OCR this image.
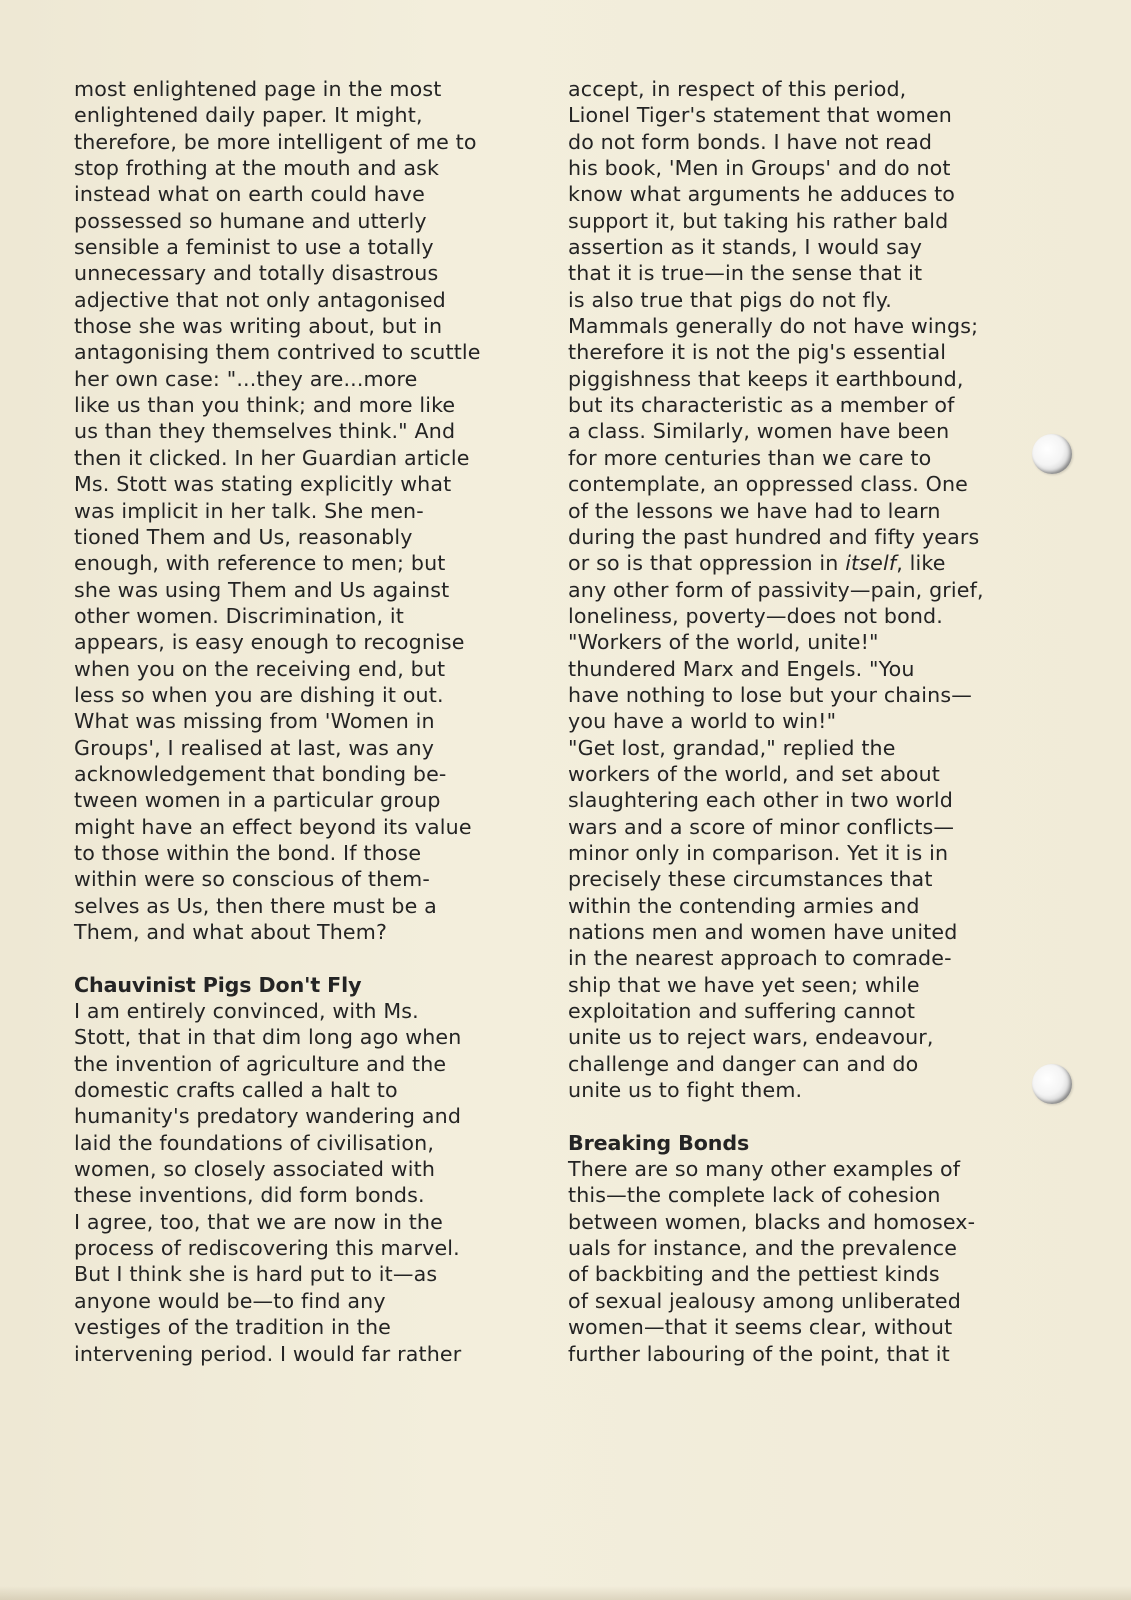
most enlightened page in the most
enlightened daily paper. It might,
therefore, be more intelligent of me to
stop frothing at the mouth and ask
instead what on earth could have
possessed so humane and utterly
sensible a feminist to use a totally
unnecessary and totally disastrous
adjective that not only antagonised
those she was writing about, but in
antagonising them contrived to scuttle
her own case: "...they are...more
like us than you think; and more like
us than they themselves think." And
then it clicked. In her Guardian article
Ms. Stott was stating explicitly what
was implicit in her talk. She men-
tioned Them and Us, reasonably
enough, with reference to men; but
she was using Them and Us against
other women. Discrimination, it
appears, is easy enough to recognise
when you on the receiving end, but
less so when you are dishing it out.
What was missing from 'Women in
Groups', I realised at last, was any
acknowledgement that bonding be-
tween women in a particular group
might have an effect beyond its value
to those within the bond. If those
within were so conscious of them-
selves as Us, then there must be a
Them, and what about Them?
Chauvinist Pigs Don't Fly
I am entirely convinced, with Ms.
Stott, that in that dim long ago when
the invention of agriculture and the
domestic crafts called a halt to
humanity's predatory wandering and
laid the foundations of civilisation,
women, so closely associated with
these inventions, did form bonds.
I agree, too, that we are now in the
process of rediscovering this marvel.
But I think she is hard put to it—as
anyone would be—to find any
vestiges of the tradition in the
intervening period. I would far rather
accept, in respect of this period,
Lionel Tiger's statement that women
do not form bonds. I have not read
his book, 'Men in Groups' and do not
know what arguments he adduces to
support it, but taking his rather bald
assertion as it stands, I would say
that it is true—in the sense that it
is also true that pigs do not fly.
Mammals generally do not have wings;
therefore it is not the pig's essential
piggishness that keeps it earthbound,
but its characteristic as a member of
a class. Similarly, women have been
for more centuries than we care to
contemplate, an oppressed class. One
of the lessons we have had to learn
during the past hundred and fifty years
or so is that oppression in itself, like
any other form of passivity—pain, grief,
loneliness, poverty—does not bond.
"Workers of the world, unite!"
thundered Marx and Engels. "You
have nothing to lose but your chains—
you have a world to win!"
"Get lost, grandad," replied the
workers of the world, and set about
slaughtering each other in two world
wars and a score of minor conflicts—
minor only in comparison. Yet it is in
precisely these circumstances that
within the contending armies and
nations men and women have united
in the nearest approach to comrade-
ship that we have yet seen; while
exploitation and suffering cannot
unite us to reject wars, endeavour,
challenge and danger can and do
unite us to fight them.
Breaking Bonds
There are so many other examples of
this—the complete lack of cohesion
between women, blacks and homosex-
uals for instance, and the prevalence
of backbiting and the pettiest kinds
of sexual jealousy among unliberated
women—that it seems clear, without
further labouring of the point, that it
